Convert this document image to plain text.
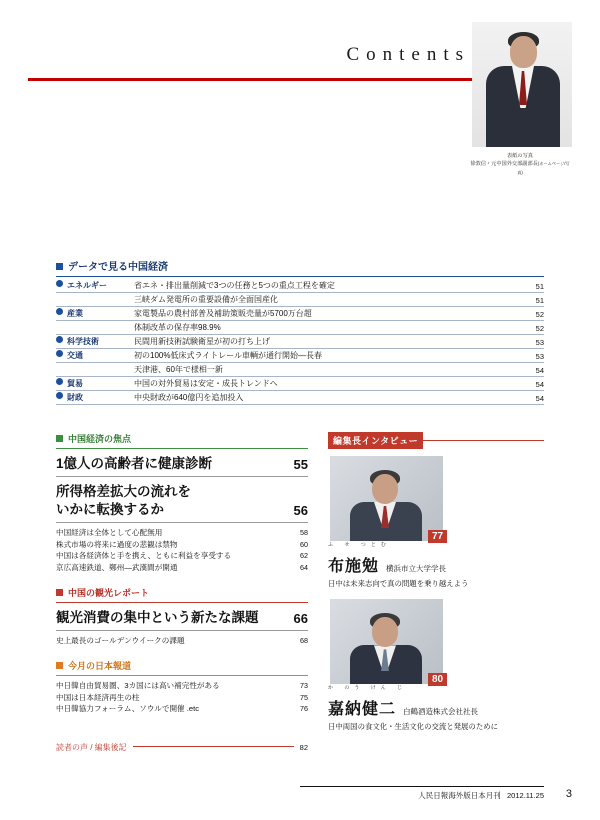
Contents
表紙の写真
徐敦信・元中国外交部副部長(ホームページ/写真)
データで見る中国経済
エネルギー	省エネ・排出量削減で3つの任務と5つの重点工程を確定	51
三峡ダム発電所の重要設備が全面国産化	51
産業	家電製品の農村部普及補助策販売量が5700万台超	52
体制改革の保存率98.9%	52
科学技術	民間用新技術試験衛星が初の打ち上げ	53
交通	初の100%低床式ライトレール車輌が通行開始—長春	53
天津港、60年で様相一新	54
貿易	中国の対外貿易は安定・成長トレンドへ	54
財政	中央財政が640億円を追加投入	54
中国経済の焦点
1億人の高齢者に健康診断	55
所得格差拡大の流れを
いかに転換するか	56
中国経済は全体として心配無用	58
株式市場の将来に過度の悲観は禁物	60
中国は各経済体と手を携え、ともに利益を享受する	62
京広高速鉄道、鄭州—武漢間が開通	64
中国の観光レポート
観光消費の集中という新たな課題	66
史上最長のゴールデンウイークの課題	68
今月の日本報道
中日韓自由貿易圏、3カ国には高い補完性がある	73
中国は日本経済再生の柱	75
中日韓協力フォーラム、ソウルで開催 .etc	76
読者の声 / 編集後記	82
編集長インタビュー
77
ふ せ つとむ
布施勉 横浜市立大学学長
日中は未来志向で真の問題を乗り越えよう
80
か のう けん じ
嘉納健二 白鶴酒造株式会社社長
日中両国の食文化・生活文化の交流と発展のために
人民日報海外版日本月刊 2012.11.25 3
